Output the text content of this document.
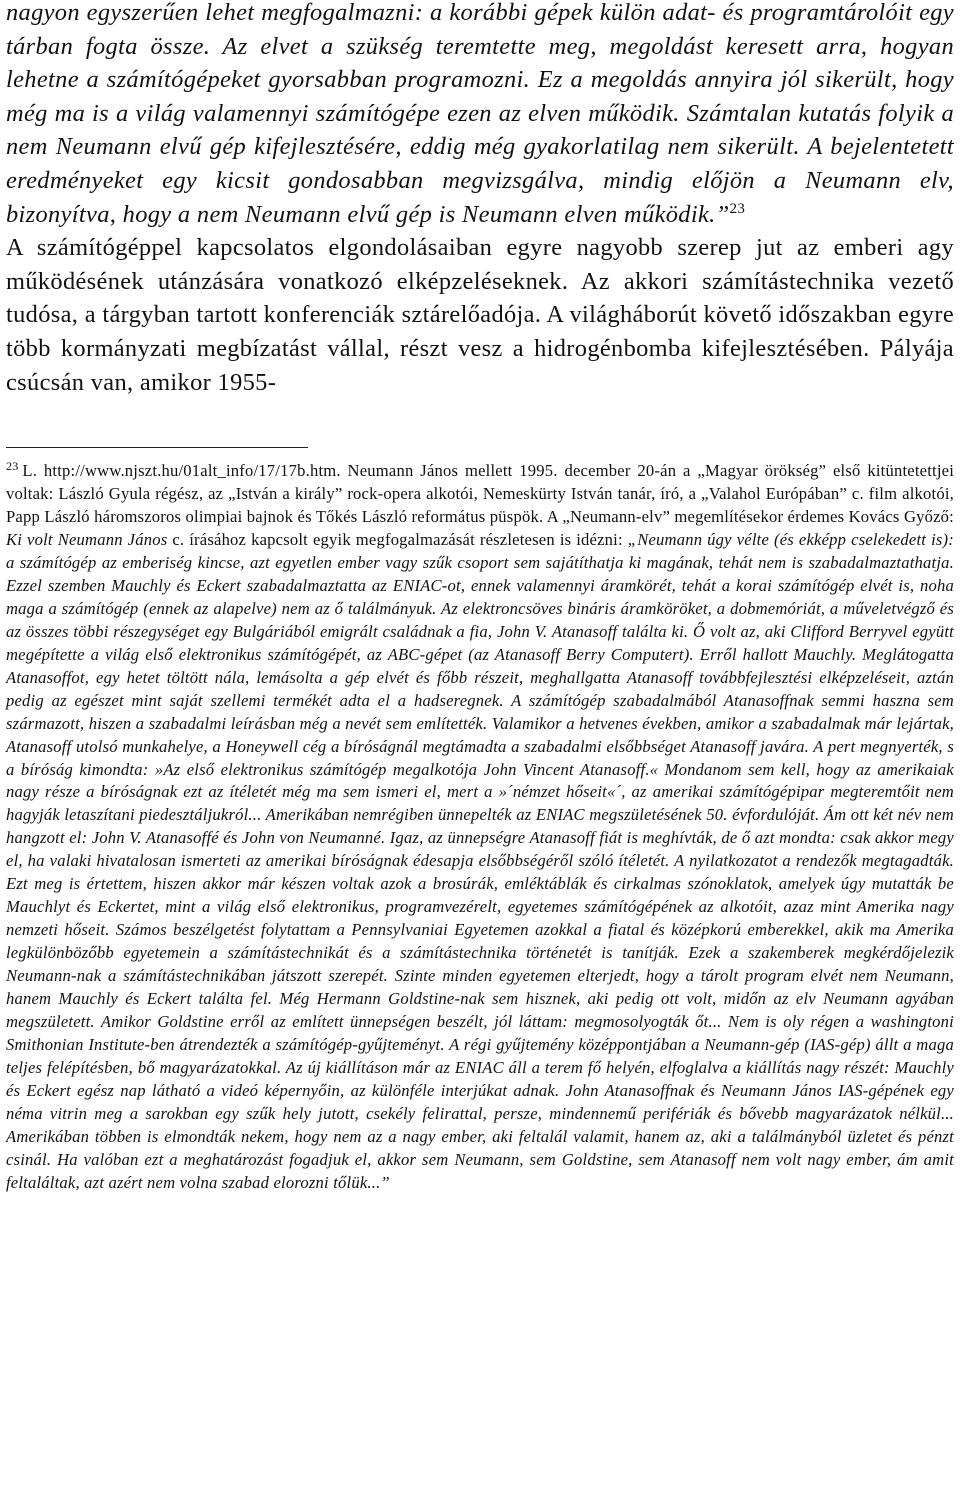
nagyon egyszerűen lehet megfogalmazni: a korábbi gépek külön adat- és programtárolóit egy tárban fogta össze. Az elvet a szükség teremtette meg, megoldást keresett arra, hogyan lehetne a számítógépeket gyorsabban programozni. Ez a megoldás annyira jól sikerült, hogy még ma is a világ valamennyi számítógépe ezen az elven működik. Számtalan kutatás folyik a nem Neumann elvű gép kifejlesztésére, eddig még gyakorlatilag nem sikerült. A bejelentetett eredményeket egy kicsit gondosabban megvizsgálva, mindig előjön a Neumann elv, bizonyítva, hogy a nem Neumann elvű gép is Neumann elven működik.”$^{23}$

A számítógéppel kapcsolatos elgondolásaiban egyre nagyobb szerep jut az emberi agy működésének utánzására vonatkozó elképzeléseknek. Az akkori számítástechnika vezető tudósa, a tárgyban tartott konferenciák sztárelőadója. A világháborút követő időszakban egyre több kormányzati megbízatást vállal, részt vesz a hidrogénbomba kifejlesztésében. Pályája csúcsán van, amikor 1955-

$^{23}$ L. http://www.njszt.hu/01alt_info/17/17b.htm. Neumann János mellett 1995. december 20-án a „Magyar örökség” első kitüntetettjei voltak: László Gyula régész, az „István a király” rock-opera alkotói, Nemeskürty István tanár, író, a „Valahol Európában” c. film alkotói, Papp László háromszoros olimpiai bajnok és Tőkés László református püspök. A „Neumann-elv” megemlítésekor érdemes Kovács Győző: Ki volt Neumann János c. írásához kapcsolt egyik megfogalmazását részletesen is idézni: „Neumann úgy vélte (és ekképp cselekedett is): a számítógép az emberiség kincse, azt egyetlen ember vagy szűk csoport sem sajátíthatja ki magának, tehát nem is szabadalmaztathatja. Ezzel szemben Mauchly és Eckert szabadalmaztatta az ENIAC-ot, ennek valamennyi áramkörét, tehát a korai számítógép elvét is, noha maga a számítógép (ennek az alapelve) nem az ő találmányuk. Az elektroncsöves bináris áramköröket, a dobmemóriát, a műveletvégző és az összes többi részegységet egy Bulgáriából emigrált családnak a fia, John V. Atanasoff találta ki. Ő volt az, aki Clifford Berryvel együtt megépítette a világ első elektronikus számítógépét, az ABC-gépet (az Atanasoff Berry Computert). Erről hallott Mauchly. Meglátogatta Atanasoffot, egy hetet töltött nála, lemásolta a gép elvét és főbb részeit, meghallgatta Atanasoff továbbfejlesztési elképzeléseit, aztán pedig az egészet mint saját szellemi termékét adta el a hadseregnek. A számítógép szabadalmából Atanasoffnak semmi haszna sem származott, hiszen a szabadalmi leírásban még a nevét sem említették. Valamikor a hetvenes években, amikor a szabadalmak már lejártak, Atanasoff utolsó munkahelye, a Honeywell cég a bíróságnál megtámadta a szabadalmi elsőbbséget Atanasoff javára. A pert megnyerték, s a bíróság kimondta: »Az első elektronikus számítógép megalkotója John Vincent Atanasoff.« Mondanom sem kell, hogy az amerikaiak nagy része a bíróságnak ezt az ítéletét még ma sem ismeri el, mert a »´némzet hőseit«´, az amerikai számítógépipar megteremtőit nem hagyják letaszítani piedesztáljukról... Amerikában nemrégiben ünnepelték az ENIAC megszületésének 50. évfordulóját. Ám ott két név nem hangzott el: John V. Atanasoffé és John von Neumanné. Igaz, az ünnepségre Atanasoff fiát is meghívták, de ő azt mondta: csak akkor megy el, ha valaki hivatalosan ismerteti az amerikai bíróságnak édesapja elsőbbségéről szóló ítéletét. A nyilatkozatot a rendezők megtagadták. Ezt meg is értettem, hiszen akkor már készen voltak azok a brosúrák, emléktáblák és cirkalmas szónoklatok, amelyek úgy mutatták be Mauchlyt és Eckertet, mint a világ első elektronikus, programvezérelt, egyetemes számítógépének az alkotóit, azaz mint Amerika nagy nemzeti hőseit. Számos beszélgetést folytattam a Pennsylvaniai Egyetemen azokkal a fiatal és középkorú emberekkel, akik ma Amerika legkülönbözőbb egyetemein a számítástechnikát és a számítástechnika történetét is tanítják. Ezek a szakemberek megkérdőjelezik Neumann-nak a számítástechnikában játszott szerepét. Szinte minden egyetemen elterjedt, hogy a tárolt program elvét nem Neumann, hanem Mauchly és Eckert találta fel. Még Hermann Goldstine-nak sem hisznek, aki pedig ott volt, midőn az elv Neumann agyában megszületett. Amikor Goldstine erről az említett ünnepségen beszélt, jól láttam: megmosolyogták őt... Nem is oly régen a washingtoni Smithonian Institute-ben átrendezték a számítógép-gyűjteményt. A régi gyűjtemény középpontjában a Neumann-gép (IAS-gép) állt a maga teljes felépítésben, bő magyarázatokkal. Az új kiállításon már az ENIAC áll a terem fő helyén, elfoglalva a kiállítás nagy részét: Mauchly és Eckert egész nap látható a videó képernyőin, az különféle interjúkat adnak. John Atanasoffnak és Neumann János IAS-gépének egy néma vitrin meg a sarokban egy szűk hely jutott, csekély felirattal, persze, mindennemű perifériák és bővebb magyarázatok nélkül... Amerikában többen is elmondták nekem, hogy nem az a nagy ember, aki feltalál valamit, hanem az, aki a találmányból üzletet és pénzt csinál. Ha valóban ezt a meghatározást fogadjuk el, akkor sem Neumann, sem Goldstine, sem Atanasoff nem volt nagy ember, ám amit feltaláltak, azt azért nem volna szabad elorozni tőlük...”
